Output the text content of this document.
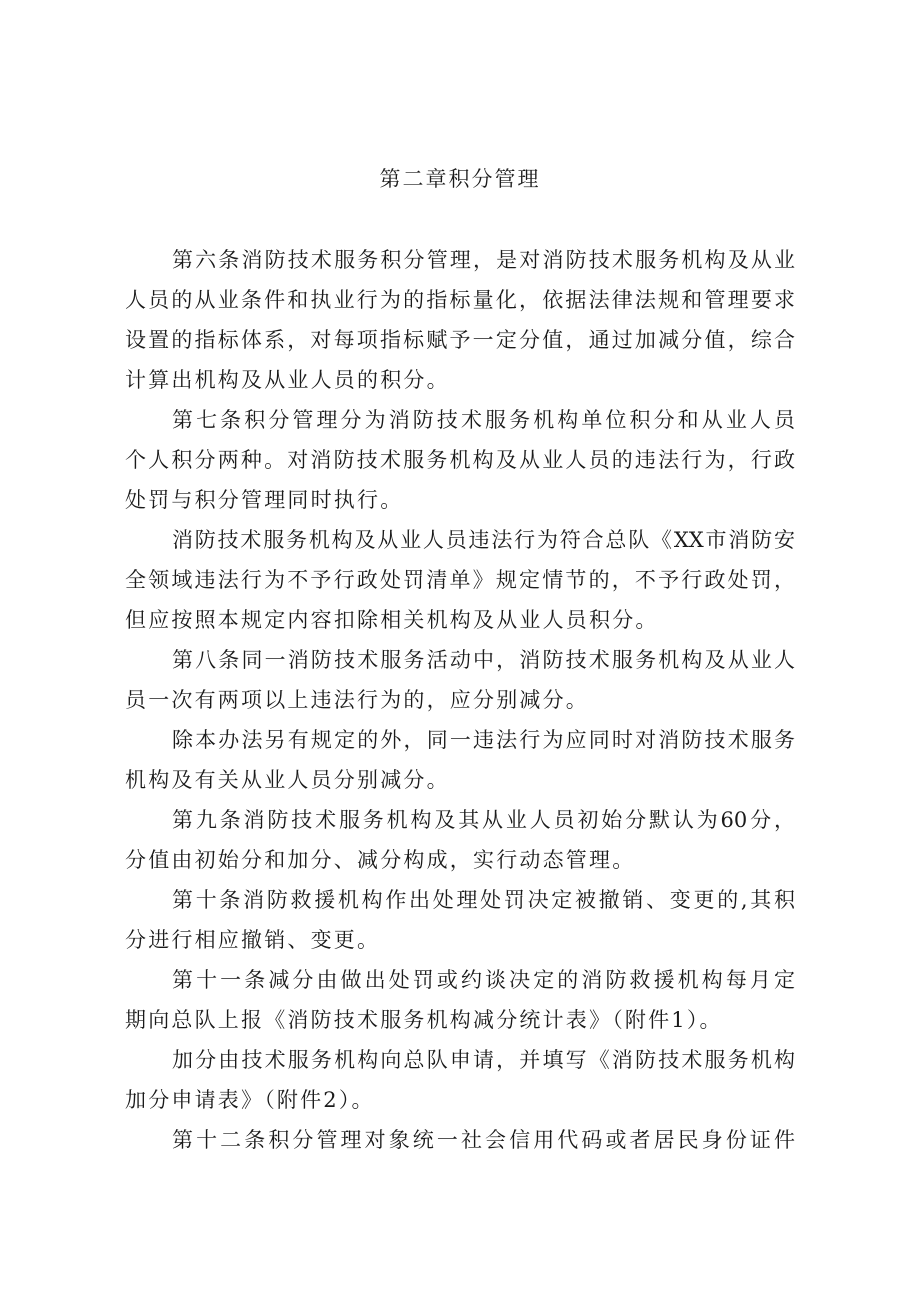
第二章积分管理
第六条消防技术服务积分管理，是对消防技术服务机构及从业
人员的从业条件和执业行为的指标量化，依据法律法规和管理要求
设置的指标体系，对每项指标赋予一定分值，通过加减分值，综合
计算出机构及从业人员的积分。
第七条积分管理分为消防技术服务机构单位积分和从业人员
个人积分两种。对消防技术服务机构及从业人员的违法行为，行政
处罚与积分管理同时执行。
消防技术服务机构及从业人员违法行为符合总队《XX市消防安
全领域违法行为不予行政处罚清单》规定情节的，不予行政处罚，
但应按照本规定内容扣除相关机构及从业人员积分。
第八条同一消防技术服务活动中，消防技术服务机构及从业人
员一次有两项以上违法行为的，应分别减分。
除本办法另有规定的外，同一违法行为应同时对消防技术服务
机构及有关从业人员分别减分。
第九条消防技术服务机构及其从业人员初始分默认为60分，
分值由初始分和加分、减分构成，实行动态管理。
第十条消防救援机构作出处理处罚决定被撤销、变更的,其积
分进行相应撤销、变更。
第十一条减分由做出处罚或约谈决定的消防救援机构每月定
期向总队上报《消防技术服务机构减分统计表》（附件1）。
加分由技术服务机构向总队申请，并填写《消防技术服务机构
加分申请表》（附件2）。
第十二条积分管理对象统一社会信用代码或者居民身份证件
